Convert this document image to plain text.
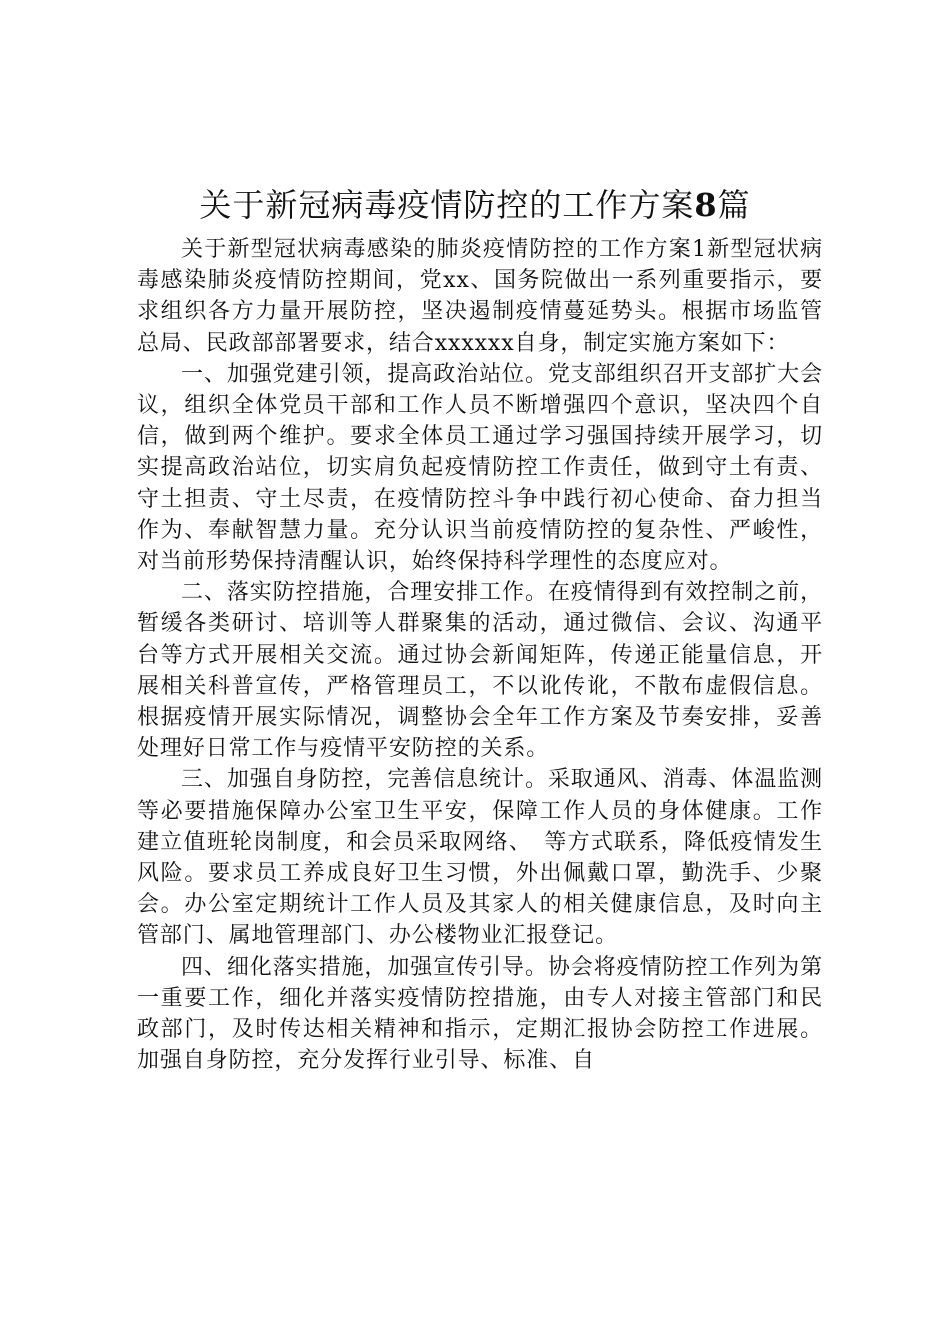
关于新冠病毒疫情防控的工作方案8篇

关于新型冠状病毒感染的肺炎疫情防控的工作方案1新型冠状病毒感染肺炎疫情防控期间，党xx、国务院做出一系列重要指示，要求组织各方力量开展防控，坚决遏制疫情蔓延势头。根据市场监管总局、民政部部署要求，结合xxxxxx自身，制定实施方案如下：

一、加强党建引领，提高政治站位。党支部组织召开支部扩大会议，组织全体党员干部和工作人员不断增强四个意识，坚决四个自信，做到两个维护。要求全体员工通过学习强国持续开展学习，切实提高政治站位，切实肩负起疫情防控工作责任，做到守土有责、守土担责、守土尽责，在疫情防控斗争中践行初心使命、奋力担当作为、奉献智慧力量。充分认识当前疫情防控的复杂性、严峻性，对当前形势保持清醒认识，始终保持科学理性的态度应对。

二、落实防控措施，合理安排工作。在疫情得到有效控制之前，暂缓各类研讨、培训等人群聚集的活动，通过微信、会议、沟通平台等方式开展相关交流。通过协会新闻矩阵，传递正能量信息，开展相关科普宣传，严格管理员工，不以讹传讹，不散布虚假信息。根据疫情开展实际情况，调整协会全年工作方案及节奏安排，妥善处理好日常工作与疫情平安防控的关系。

三、加强自身防控，完善信息统计。采取通风、消毒、体温监测等必要措施保障办公室卫生平安，保障工作人员的身体健康。工作建立值班轮岗制度，和会员采取网络、　等方式联系，降低疫情发生风险。要求员工养成良好卫生习惯，外出佩戴口罩，勤洗手、少聚会。办公室定期统计工作人员及其家人的相关健康信息，及时向主管部门、属地管理部门、办公楼物业汇报登记。

四、细化落实措施，加强宣传引导。协会将疫情防控工作列为第一重要工作，细化并落实疫情防控措施，由专人对接主管部门和民政部门，及时传达相关精神和指示，定期汇报协会防控工作进展。加强自身防控，充分发挥行业引导、标准、自
